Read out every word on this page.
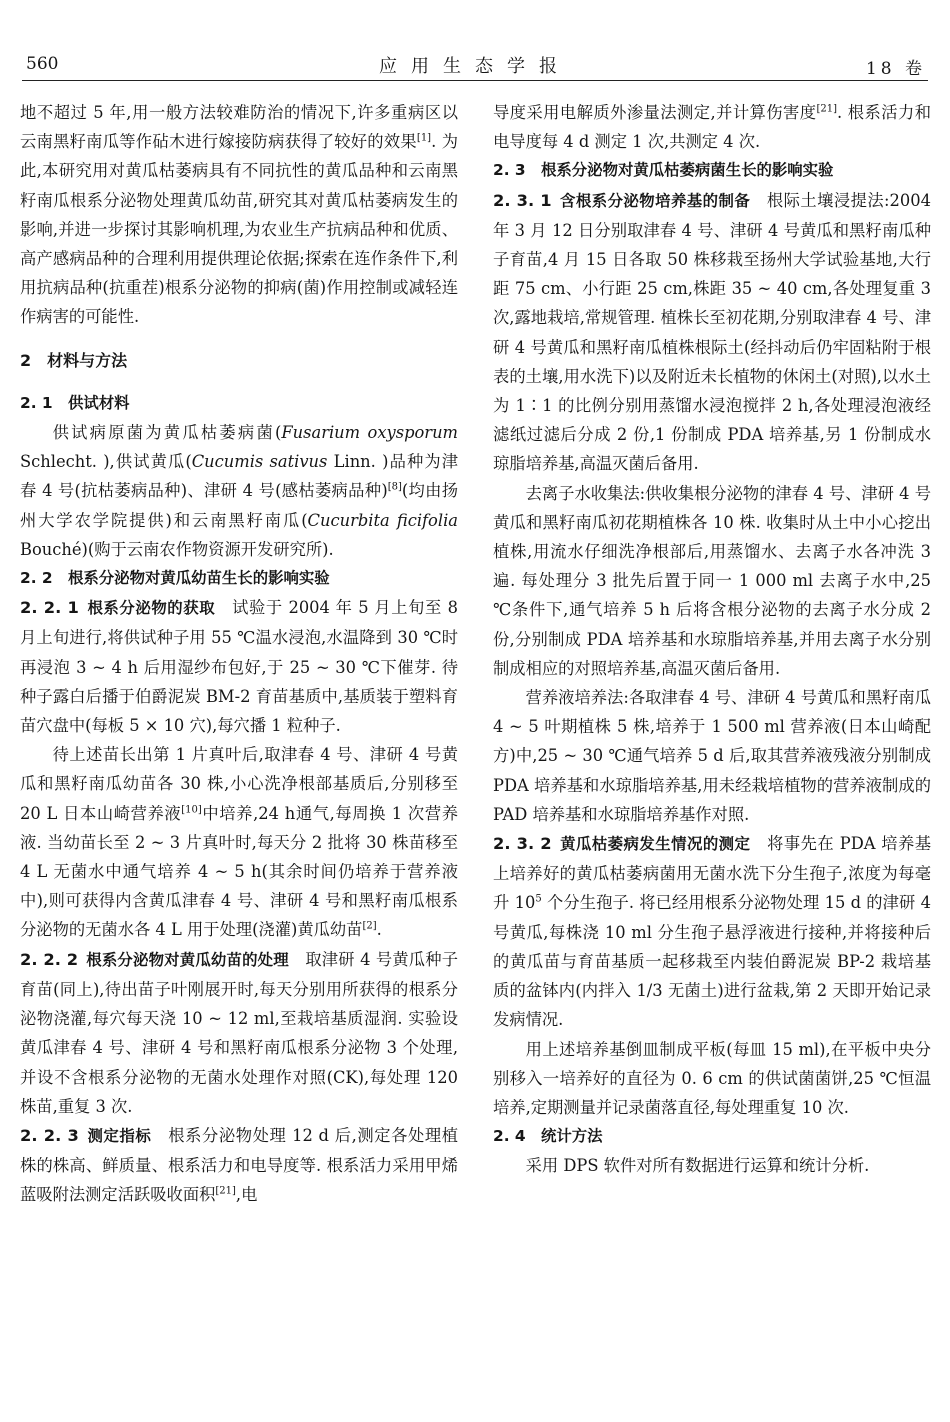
560	应用生态学报	18 卷

地不超过 5 年,用一般方法较难防治的情况下,许多重病区以云南黑籽南瓜等作砧木进行嫁接防病获得了较好的效果[1]. 为此,本研究用对黄瓜枯萎病具有不同抗性的黄瓜品种和云南黑籽南瓜根系分泌物处理黄瓜幼苗,研究其对黄瓜枯萎病发生的影响,并进一步探讨其影响机理,为农业生产抗病品种和优质、高产感病品种的合理利用提供理论依据;探索在连作条件下,利用抗病品种(抗重茬)根系分泌物的抑病(菌)作用控制或减轻连作病害的可能性.

2　材料与方法
2. 1　供试材料

供试病原菌为黄瓜枯萎病菌(Fusarium oxysporum Schlecht. ),供试黄瓜(Cucumis sativus Linn. )品种为津春 4 号(抗枯萎病品种)、津研 4 号(感枯萎病品种)[8](均由扬州大学农学院提供)和云南黑籽南瓜(Cucurbita ficifolia Bouché)(购于云南农作物资源开发研究所).

2. 2　根系分泌物对黄瓜幼苗生长的影响实验

2. 2. 1 根系分泌物的获取　 试验于 2004 年 5 月上旬至 8 月上旬进行,将供试种子用 55 ℃温水浸泡,水温降到 30 ℃时再浸泡 3 ~ 4 h 后用湿纱布包好,于 25 ~ 30 ℃下催芽. 待种子露白后播于伯爵泥炭 BM-2 育苗基质中,基质装于塑料育苗穴盘中(每板 5 × 10 穴),每穴播 1 粒种子.

待上述苗长出第 1 片真叶后,取津春 4 号、津研 4 号黄瓜和黑籽南瓜幼苗各 30 株,小心洗净根部基质后,分别移至 20 L 日本山崎营养液[10]中培养,24 h通气,每周换 1 次营养液. 当幼苗长至 2 ~ 3 片真叶时,每天分 2 批将 30 株苗移至 4 L 无菌水中通气培养 4 ~ 5 h(其余时间仍培养于营养液中),则可获得内含黄瓜津春 4 号、津研 4 号和黑籽南瓜根系分泌物的无菌水各 4 L 用于处理(浇灌)黄瓜幼苗[2].

2. 2. 2 根系分泌物对黄瓜幼苗的处理　 取津研 4 号黄瓜种子育苗(同上),待出苗子叶刚展开时,每天分别用所获得的根系分泌物浇灌,每穴每天浇 10 ~ 12 ml,至栽培基质湿润. 实验设黄瓜津春 4 号、津研 4 号和黑籽南瓜根系分泌物 3 个处理,并设不含根系分泌物的无菌水处理作对照(CK),每处理 120 株苗,重复 3 次.

2. 2. 3 测定指标　 根系分泌物处理 12 d 后,测定各处理植株的株高、鲜质量、根系活力和电导度等. 根系活力采用甲烯蓝吸附法测定活跃吸收面积[21],电

导度采用电解质外渗量法测定,并计算伤害度[21]. 根系活力和电导度每 4 d 测定 1 次,共测定 4 次.

2. 3　根系分泌物对黄瓜枯萎病菌生长的影响实验

2. 3. 1 含根系分泌物培养基的制备　 根际土壤浸提法:2004 年 3 月 12 日分别取津春 4 号、津研 4 号黄瓜和黑籽南瓜种子育苗,4 月 15 日各取 50 株移栽至扬州大学试验基地,大行距 75 cm、小行距 25 cm,株距 35 ~ 40 cm,各处理复重 3 次,露地栽培,常规管理. 植株长至初花期,分别取津春 4 号、津研 4 号黄瓜和黑籽南瓜植株根际土(经抖动后仍牢固粘附于根表的土壤,用水洗下)以及附近未长植物的休闲土(对照),以水土为 1∶1 的比例分别用蒸馏水浸泡搅拌 2 h,各处理浸泡液经滤纸过滤后分成 2 份,1 份制成 PDA 培养基,另 1 份制成水琼脂培养基,高温灭菌后备用.

去离子水收集法:供收集根分泌物的津春 4 号、津研 4 号黄瓜和黑籽南瓜初花期植株各 10 株. 收集时从土中小心挖出植株,用流水仔细洗净根部后,用蒸馏水、去离子水各冲洗 3 遍. 每处理分 3 批先后置于同一 1 000 ml 去离子水中,25 ℃条件下,通气培养 5 h 后将含根分泌物的去离子水分成 2 份,分别制成 PDA 培养基和水琼脂培养基,并用去离子水分别制成相应的对照培养基,高温灭菌后备用.

营养液培养法:各取津春 4 号、津研 4 号黄瓜和黑籽南瓜 4 ~ 5 叶期植株 5 株,培养于 1 500 ml 营养液(日本山崎配方)中,25 ~ 30 ℃通气培养 5 d 后,取其营养液残液分别制成 PDA 培养基和水琼脂培养基,用未经栽培植物的营养液制成的 PAD 培养基和水琼脂培养基作对照.

2. 3. 2 黄瓜枯萎病发生情况的测定　 将事先在 PDA 培养基上培养好的黄瓜枯萎病菌用无菌水洗下分生孢子,浓度为每毫升 $10^5$ 个分生孢子. 将已经用根系分泌物处理 15 d 的津研 4 号黄瓜,每株浇 10 ml 分生孢子悬浮液进行接种,并将接种后的黄瓜苗与育苗基质一起移栽至内装伯爵泥炭 BP-2 栽培基质的盆钵内(内拌入 1/3 无菌土)进行盆栽,第 2 天即开始记录发病情况.

用上述培养基倒皿制成平板(每皿 15 ml),在平板中央分别移入一培养好的直径为 0. 6 cm 的供试菌菌饼,25 ℃恒温培养,定期测量并记录菌落直径,每处理重复 10 次.

2. 4　统计方法

采用 DPS 软件对所有数据进行运算和统计分析.
